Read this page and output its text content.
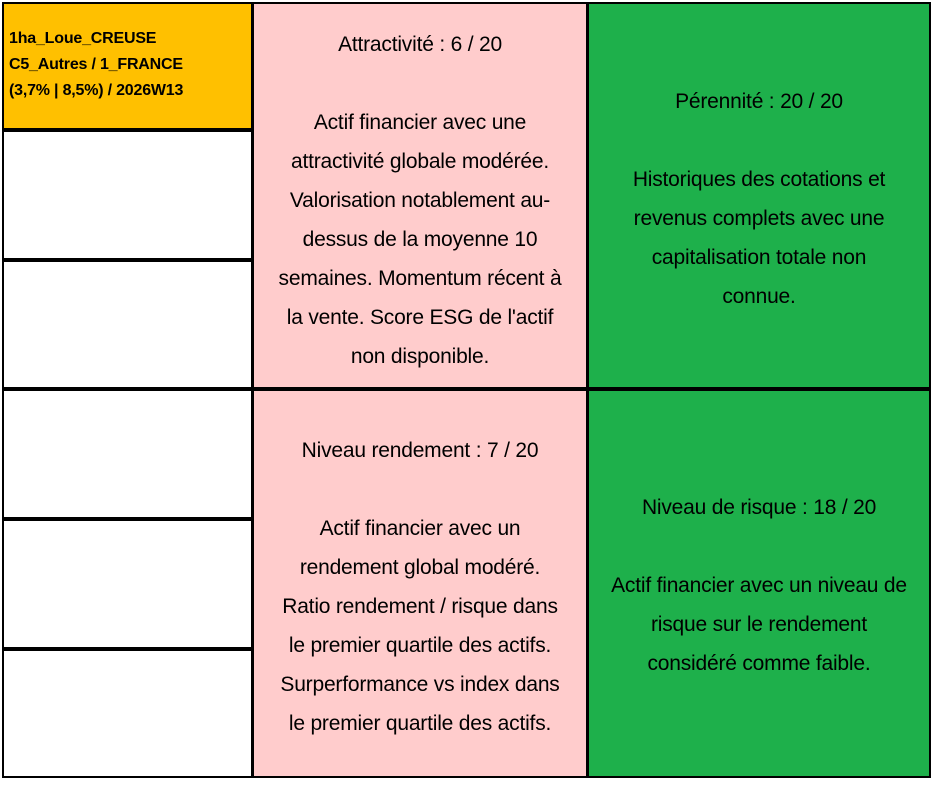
1ha_Loue_CREUSE
C5_Autres / 1_FRANCE
(3,7% | 8,5%) / 2026W13
Attractivité : 6 / 20
Actif financier avec une
attractivité globale modérée.
Valorisation notablement au-
dessus de la moyenne 10
semaines. Momentum récent à
la vente. Score ESG de l'actif
non disponible.
Pérennité : 20 / 20
Historiques des cotations et
revenus complets avec une
capitalisation totale non
connue.
Niveau rendement : 7 / 20
Actif financier avec un
rendement global modéré.
Ratio rendement / risque dans
le premier quartile des actifs.
Surperformance vs index dans
le premier quartile des actifs.
Niveau de risque : 18 / 20
Actif financier avec un niveau de
risque sur le rendement
considéré comme faible.
